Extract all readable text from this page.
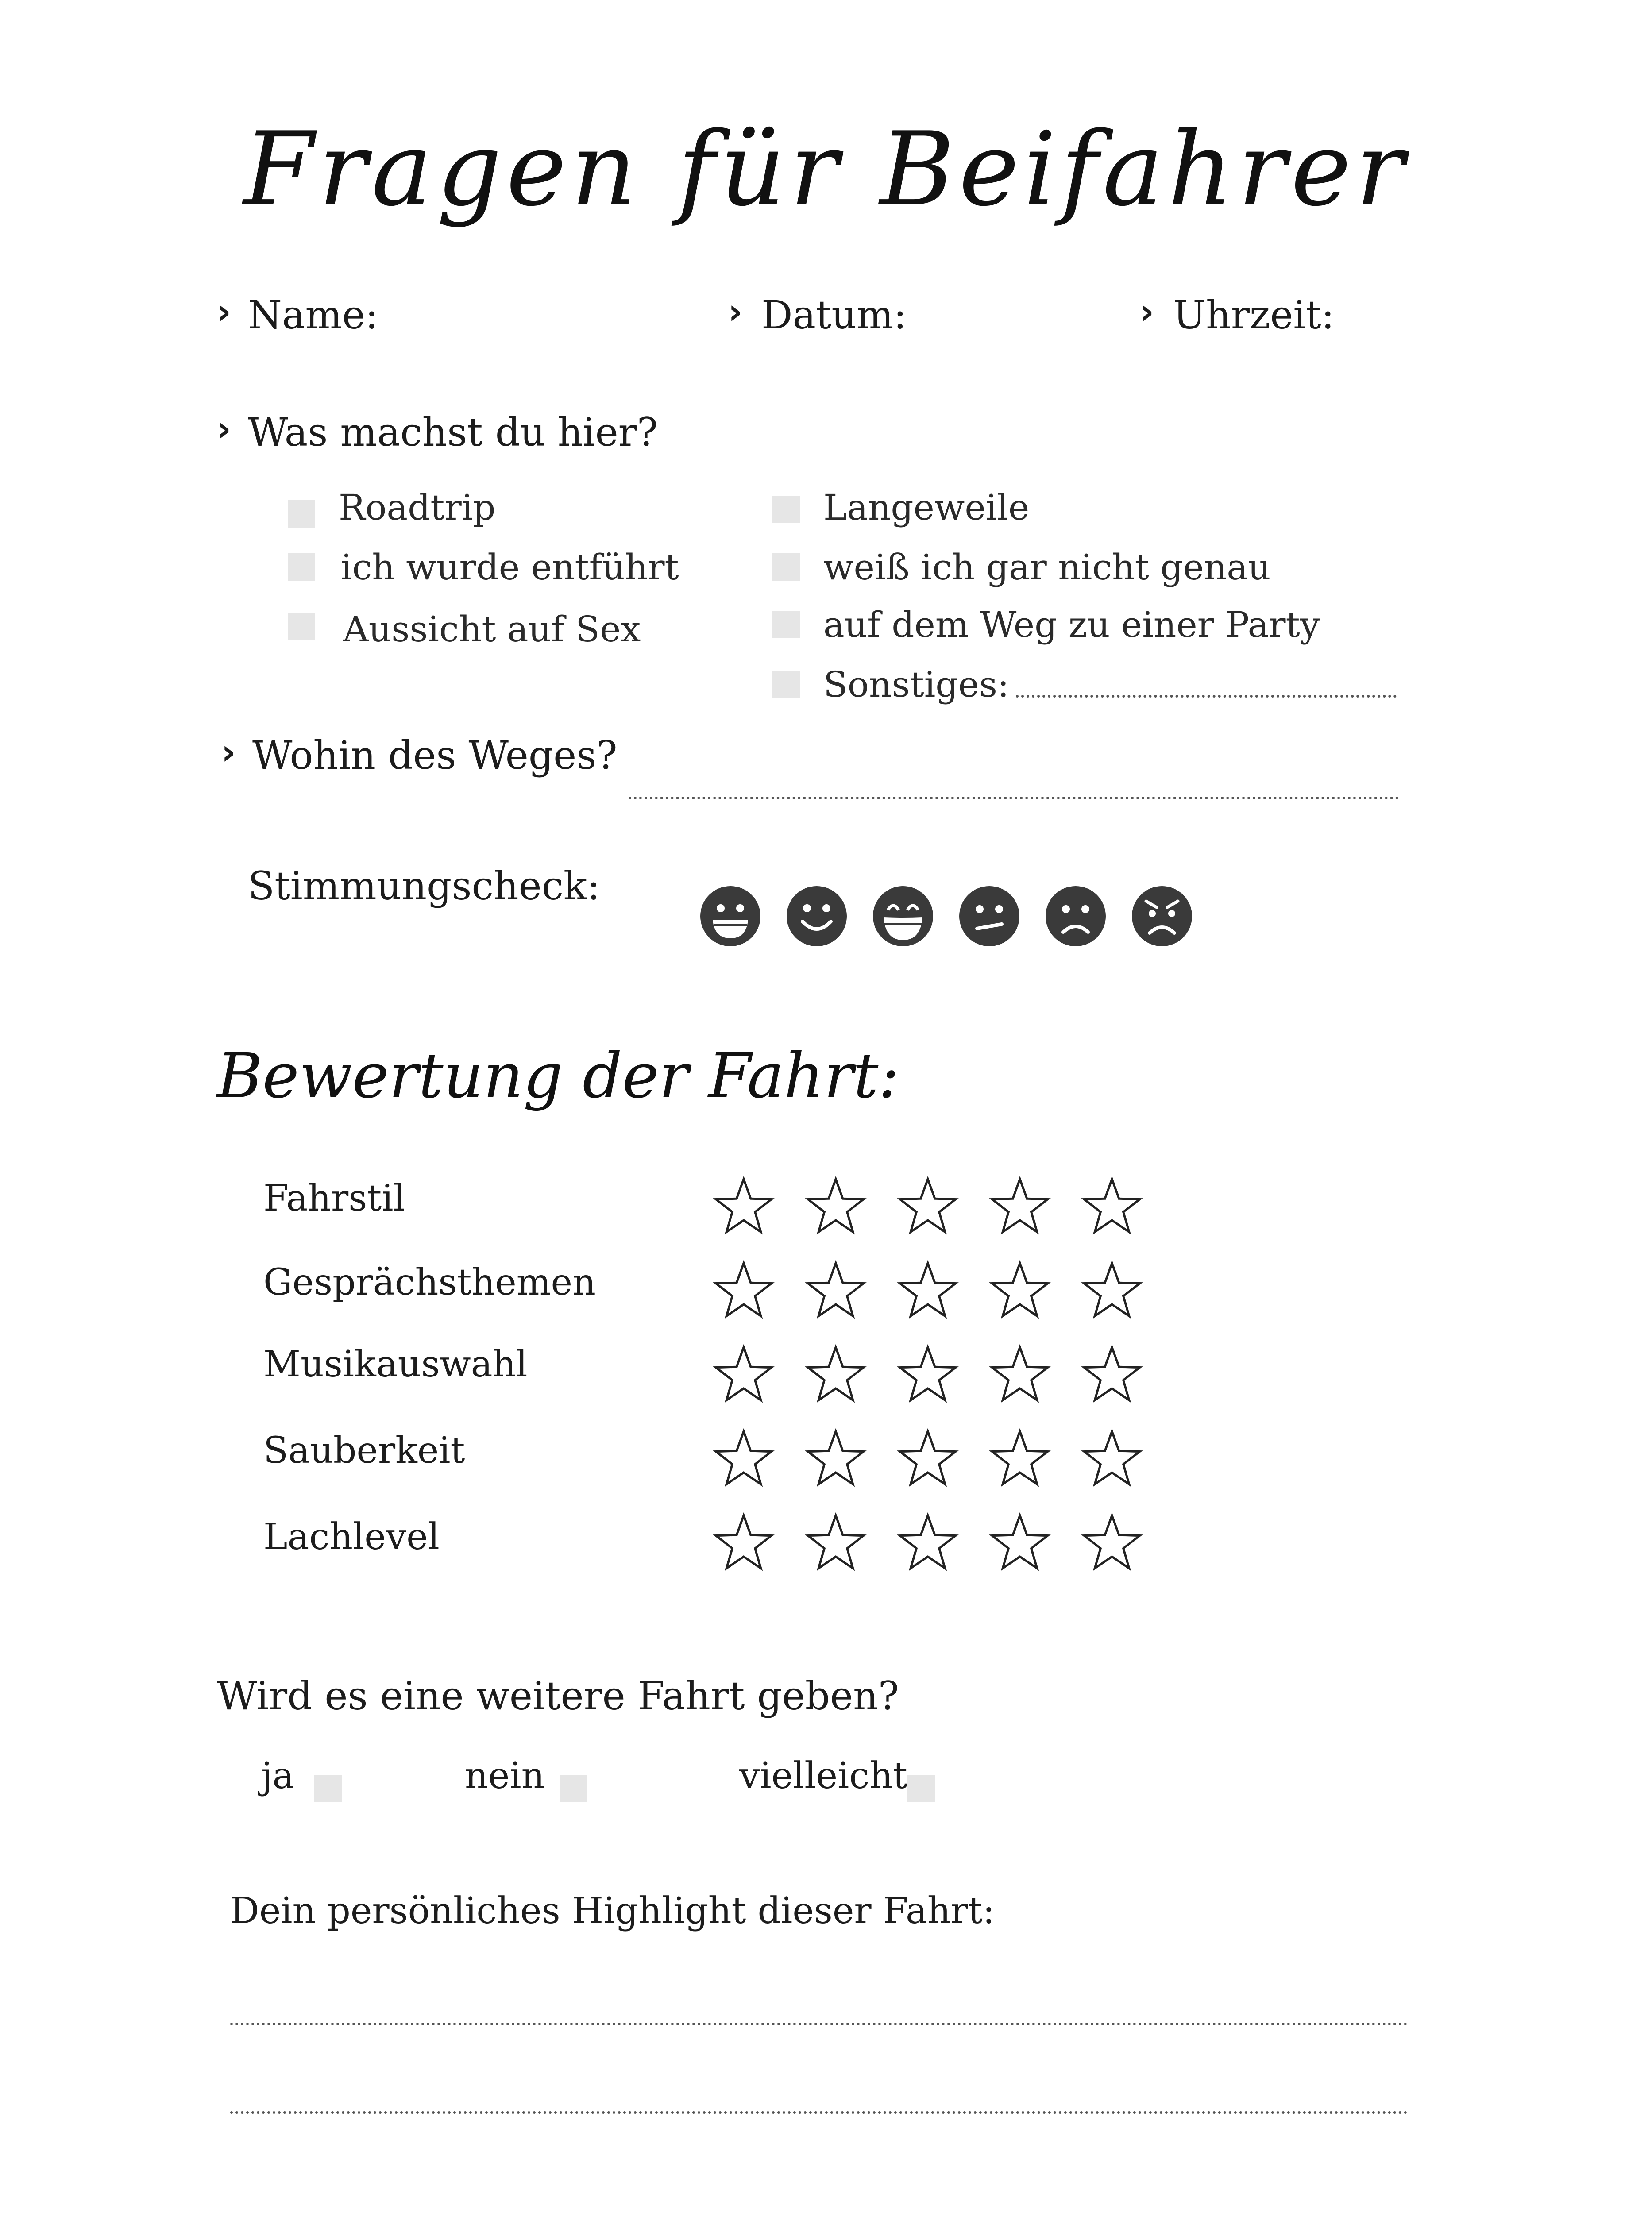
Fragen für Beifahrer
› Name:	› Datum:	› Uhrzeit:
› Was machst du hier?
Roadtrip
ich wurde entführt
Aussicht auf Sex
Langeweile
weiß ich gar nicht genau
auf dem Weg zu einer Party
Sonstiges:
› Wohin des Weges?
Stimmungscheck:
Bewertung der Fahrt:
Fahrstil
Gesprächsthemen
Musikauswahl
Sauberkeit
Lachlevel
Wird es eine weitere Fahrt geben?
ja	nein	vielleicht
Dein persönliches Highlight dieser Fahrt:
